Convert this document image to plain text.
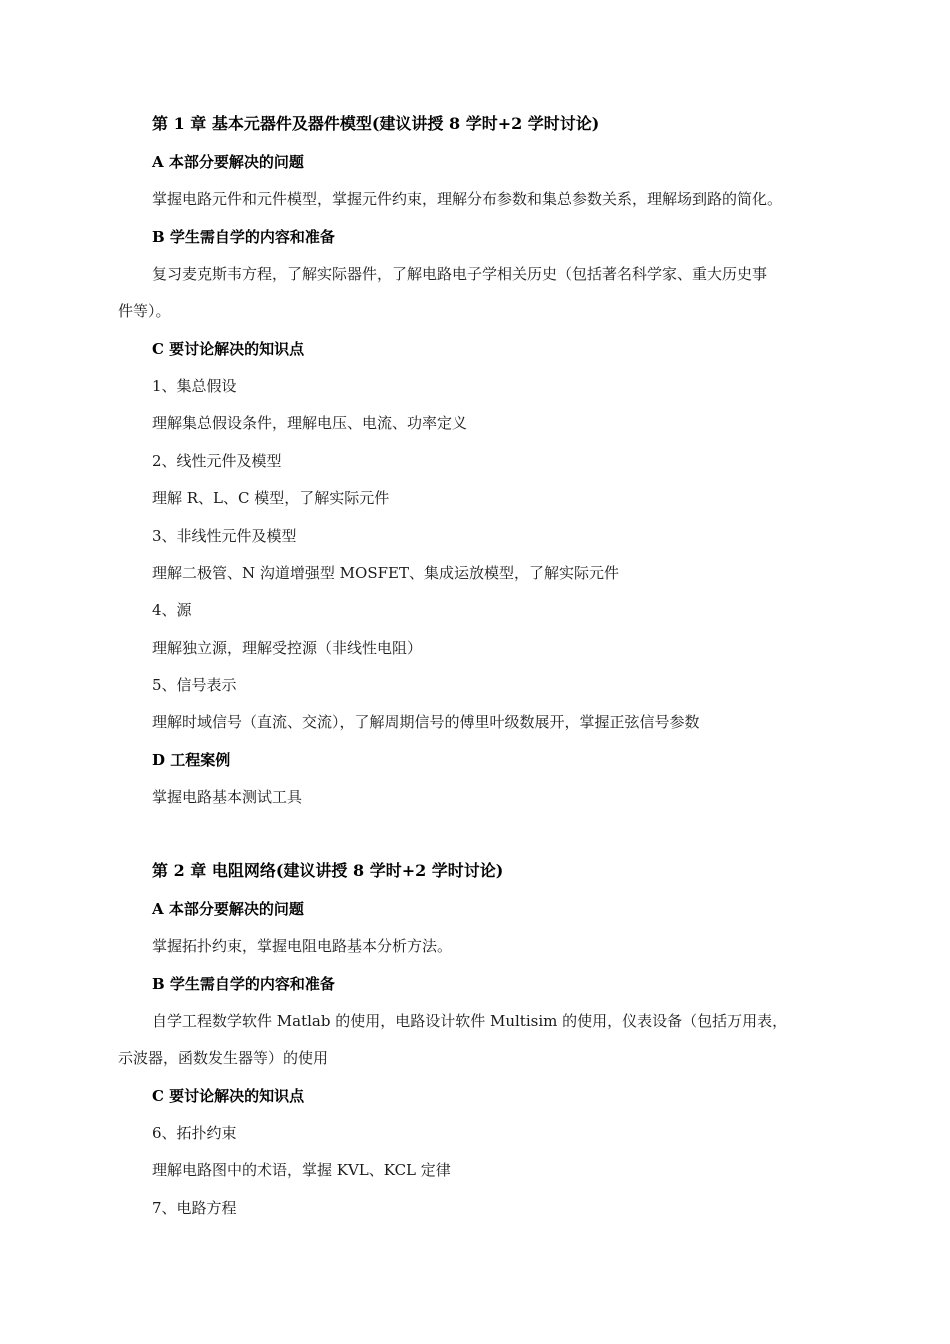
第 1 章 基本元器件及器件模型(建议讲授 8 学时+2 学时讨论)
A 本部分要解决的问题
掌握电路元件和元件模型，掌握元件约束，理解分布参数和集总参数关系，理解场到路的简化。
B 学生需自学的内容和准备
复习麦克斯韦方程，了解实际器件，了解电路电子学相关历史（包括著名科学家、重大历史事
件等）。
C 要讨论解决的知识点
1、集总假设
理解集总假设条件，理解电压、电流、功率定义
2、线性元件及模型
理解 R、L、C 模型，了解实际元件
3、非线性元件及模型
理解二极管、N 沟道增强型 MOSFET、集成运放模型，了解实际元件
4、源
理解独立源，理解受控源（非线性电阻）
5、信号表示
理解时域信号（直流、交流），了解周期信号的傅里叶级数展开，掌握正弦信号参数
D 工程案例
掌握电路基本测试工具
第 2 章 电阻网络(建议讲授 8 学时+2 学时讨论)
A 本部分要解决的问题
掌握拓扑约束，掌握电阻电路基本分析方法。
B 学生需自学的内容和准备
自学工程数学软件 Matlab 的使用，电路设计软件 Multisim 的使用，仪表设备（包括万用表，
示波器，函数发生器等）的使用
C 要讨论解决的知识点
6、拓扑约束
理解电路图中的术语，掌握 KVL、KCL 定律
7、电路方程
